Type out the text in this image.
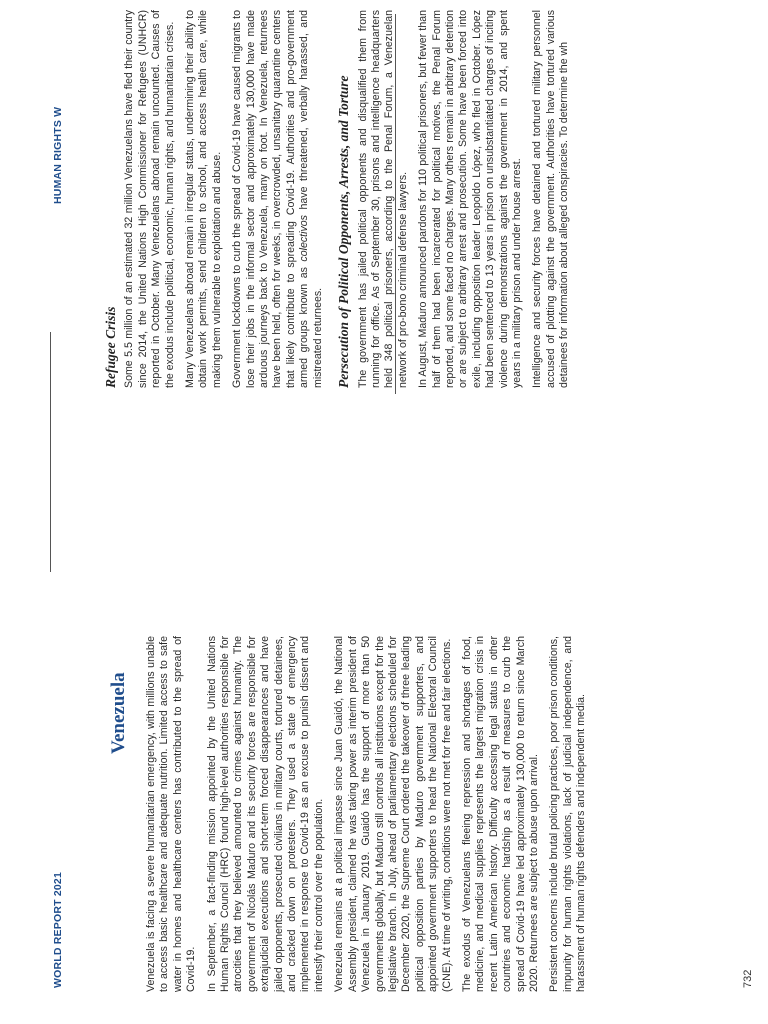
WORLD REPORT 2021
HUMAN RIGHTS W
732
Venezuela Venezuela is facing a severe humanitarian emergency, with millions unable to access basic healthcare and adequate nutrition. Limited access to safe water in homes and healthcare centers has contributed to the spread of Covid-19. In September, a fact-finding mission appointed by the United Nations Human Rights Council (HRC) found high-level authorities responsible for atrocities that they believed amounted to crimes against humanity. The government of Nicolás Maduro and its security forces are responsible for extrajudicial executions and short-term forced disappearances and have jailed opponents, prosecuted civilians in military courts, tortured detainees, and cracked down on protesters. They used a state of emergency implemented in response to Covid-19 as an excuse to punish dissent and intensify their control over the population. Venezuela remains at a political impasse since Juan Guaidó, the National Assembly president, claimed he was taking power as interim president of Venezuela in January 2019. Guaidó has the support of more than 50 governments globally, but Maduro still controls all institutions except for the legislative branch. In July, ahead of parliamentary elections scheduled for December 2020, the Supreme Court ordered the takeover of three leading political opposition parties by Maduro government supporters, and appointed government supporters to head the National Electoral Council (CNE). At time of writing, conditions were not met for free and fair elections. The exodus of Venezuelans fleeing repression and shortages of food, medicine, and medical supplies represents the largest migration crisis in recent Latin American history. Difficulty accessing legal status in other countries and economic hardship as a result of measures to curb the spread of Covid-19 have led approximately 130,000 to return since March 2020. Returnees are subject to abuse upon arrival. Persistent concerns include brutal policing practices, poor prison conditions, impunity for human rights violations, lack of judicial independence, and harassment of human rights defenders and independent media.

Refugee Crisis Some 5.5 million of an estimated 32 million Venezuelans have fled their country since 2014, the United Nations High Commissioner for Refugees (UNHCR) reported in October. Many Venezuelans abroad remain uncounted. Causes of the exodus include political, economic, human rights, and humanitarian crises. Many Venezuelans abroad remain in irregular status, undermining their ability to obtain work permits, send children to school, and access health care, while making them vulnerable to exploitation and abuse. Government lockdowns to curb the spread of Covid-19 have caused migrants to lose their jobs in the informal sector and approximately 130,000 have made arduous journeys back to Venezuela, many on foot. In Venezuela, returnees have been held, often for weeks, in overcrowded, unsanitary quarantine centers that likely contribute to spreading Covid-19. Authorities and pro-government armed groups known as colectivos have threatened, verbally harassed, and mistreated returnees. Persecution of Political Opponents, Arrests, and Torture The government has jailed political opponents and disqualified them from running for office. As of September 30, prisons and intelligence headquarters held 348 political prisoners, according to the Penal Forum, a Venezuelan network of pro-bono criminal defense lawyers. In August, Maduro announced pardons for 110 political prisoners, but fewer than half of them had been incarcerated for political motives, the Penal Forum reported, and some faced no charges. Many others remain in arbitrary detention or are subject to arbitrary arrest and prosecution. Some have been forced into exile, including opposition leader Leopoldo López, who fled in October. López had been sentenced to 13 years in prison on unsubstantiated charges of inciting violence during demonstrations against the government in 2014, and spent years in a military prison and under house arrest. Intelligence and security forces have detained and tortured military personnel accused of plotting against the government. Authorities have tortured various detainees for information about alleged conspiracies. To determine the wh
